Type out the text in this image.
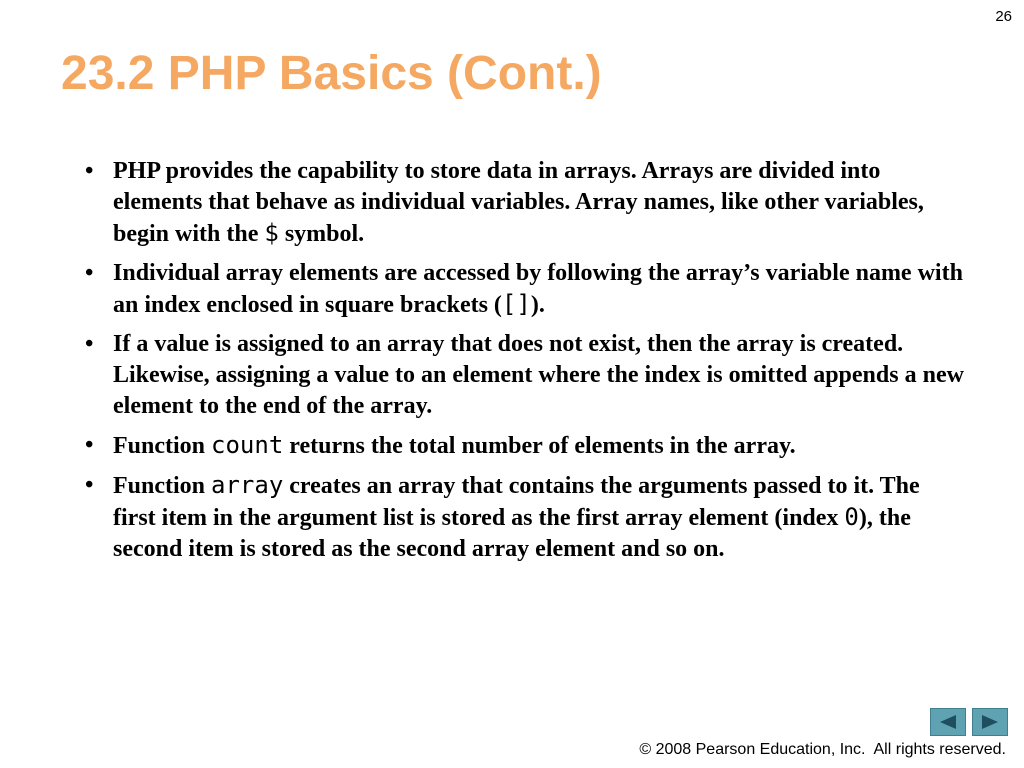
26
23.2 PHP Basics (Cont.)
• PHP provides the capability to store data in arrays. Arrays are divided into elements that behave as individual variables. Array names, like other variables, begin with the $ symbol.
• Individual array elements are accessed by following the array’s variable name with an index enclosed in square brackets ([]).
• If a value is assigned to an array that does not exist, then the array is created. Likewise, assigning a value to an element where the index is omitted appends a new element to the end of the array.
• Function count returns the total number of elements in the array.
• Function array creates an array that contains the arguments passed to it. The first item in the argument list is stored as the first array element (index 0), the second item is stored as the second array element and so on.
© 2008 Pearson Education, Inc.  All rights reserved.
